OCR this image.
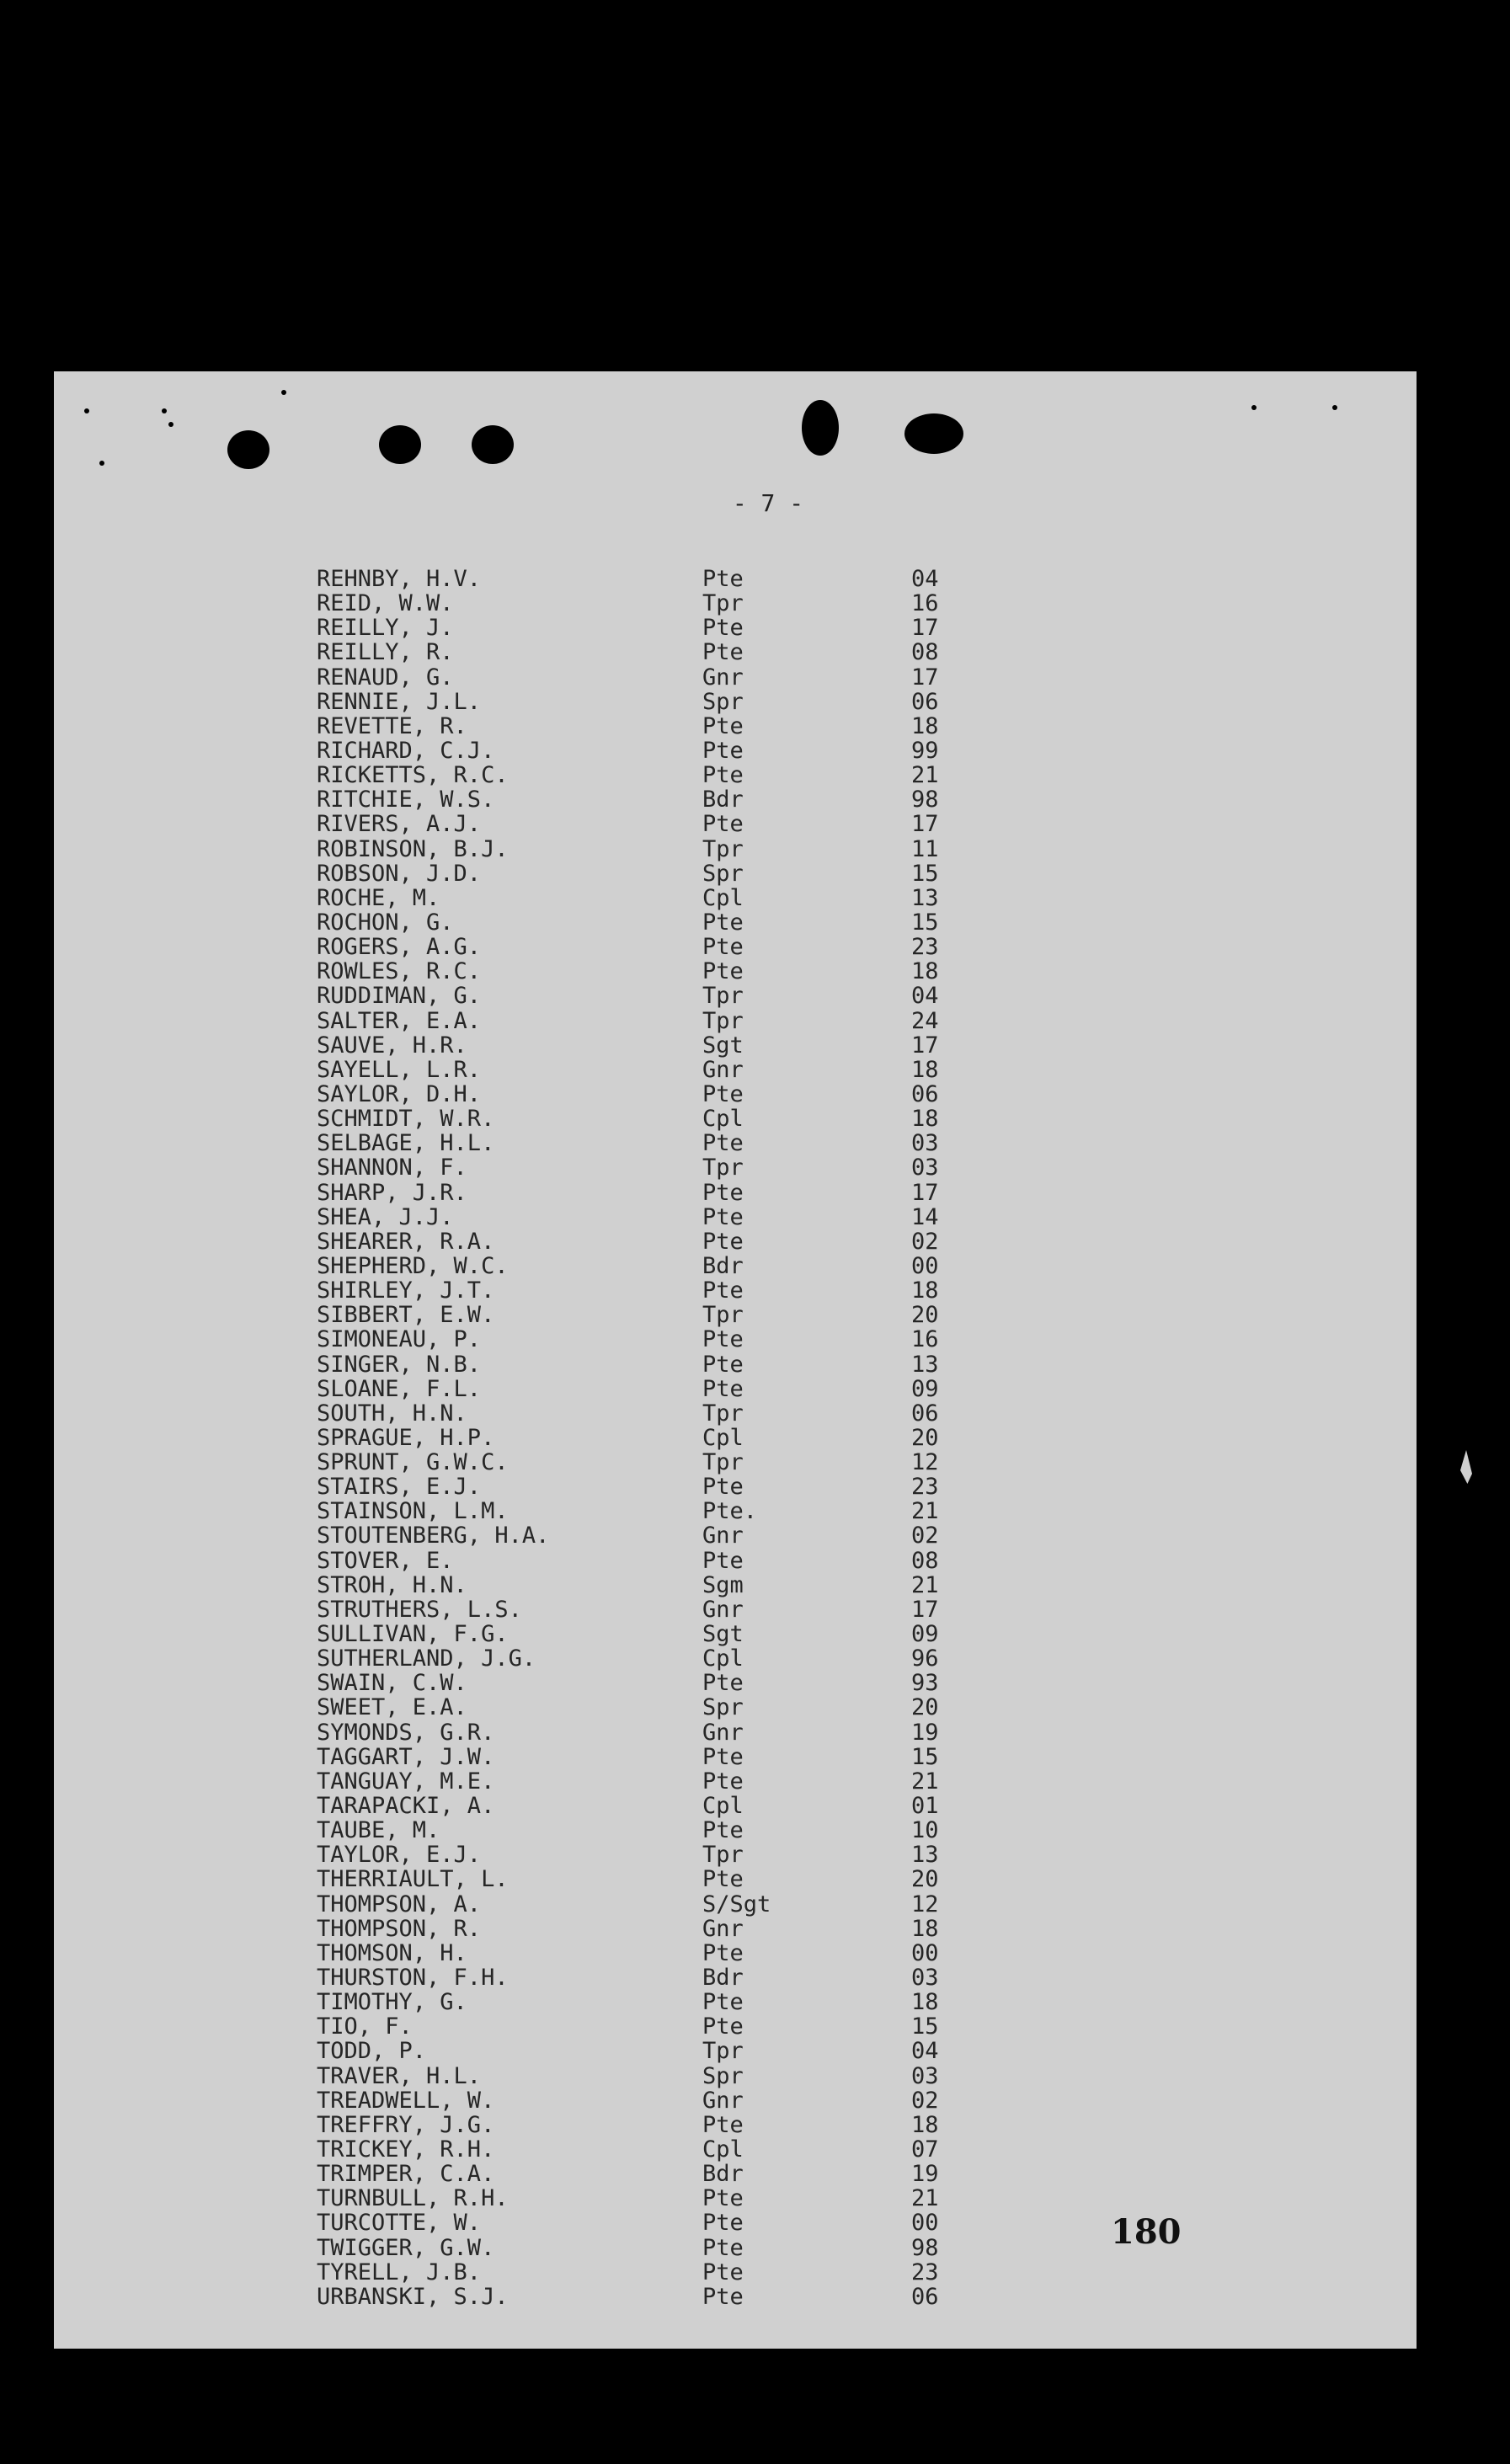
- 7 -
REHNBY, H.V.	Pte	04
REID, W.W.	Tpr	16
REILLY, J.	Pte	17
REILLY, R.	Pte	08
RENAUD, G.	Gnr	17
RENNIE, J.L.	Spr	06
REVETTE, R.	Pte	18
RICHARD, C.J.	Pte	99
RICKETTS, R.C.	Pte	21
RITCHIE, W.S.	Bdr	98
RIVERS, A.J.	Pte	17
ROBINSON, B.J.	Tpr	11
ROBSON, J.D.	Spr	15
ROCHE, M.	Cpl	13
ROCHON, G.	Pte	15
ROGERS, A.G.	Pte	23
ROWLES, R.C.	Pte	18
RUDDIMAN, G.	Tpr	04
SALTER, E.A.	Tpr	24
SAUVE, H.R.	Sgt	17
SAYELL, L.R.	Gnr	18
SAYLOR, D.H.	Pte	06
SCHMIDT, W.R.	Cpl	18
SELBAGE, H.L.	Pte	03
SHANNON, F.	Tpr	03
SHARP, J.R.	Pte	17
SHEA, J.J.	Pte	14
SHEARER, R.A.	Pte	02
SHEPHERD, W.C.	Bdr	00
SHIRLEY, J.T.	Pte	18
SIBBERT, E.W.	Tpr	20
SIMONEAU, P.	Pte	16
SINGER, N.B.	Pte	13
SLOANE, F.L.	Pte	09
SOUTH, H.N.	Tpr	06
SPRAGUE, H.P.	Cpl	20
SPRUNT, G.W.C.	Tpr	12
STAIRS, E.J.	Pte	23
STAINSON, L.M.	Pte.	21
STOUTENBERG, H.A.	Gnr	02
STOVER, E.	Pte	08
STROH, H.N.	Sgm	21
STRUTHERS, L.S.	Gnr	17
SULLIVAN, F.G.	Sgt	09
SUTHERLAND, J.G.	Cpl	96
SWAIN, C.W.	Pte	93
SWEET, E.A.	Spr	20
SYMONDS, G.R.	Gnr	19
TAGGART, J.W.	Pte	15
TANGUAY, M.E.	Pte	21
TARAPACKI, A.	Cpl	01
TAUBE, M.	Pte	10
TAYLOR, E.J.	Tpr	13
THERRIAULT, L.	Pte	20
THOMPSON, A.	S/Sgt	12
THOMPSON, R.	Gnr	18
THOMSON, H.	Pte	00
THURSTON, F.H.	Bdr	03
TIMOTHY, G.	Pte	18
TIO, F.	Pte	15
TODD, P.	Tpr	04
TRAVER, H.L.	Spr	03
TREADWELL, W.	Gnr	02
TREFFRY, J.G.	Pte	18
TRICKEY, R.H.	Cpl	07
TRIMPER, C.A.	Bdr	19
TURNBULL, R.H.	Pte	21
TURCOTTE, W.	Pte	00
TWIGGER, G.W.	Pte	98
TYRELL, J.B.	Pte	23
URBANSKI, S.J.	Pte	06
180
